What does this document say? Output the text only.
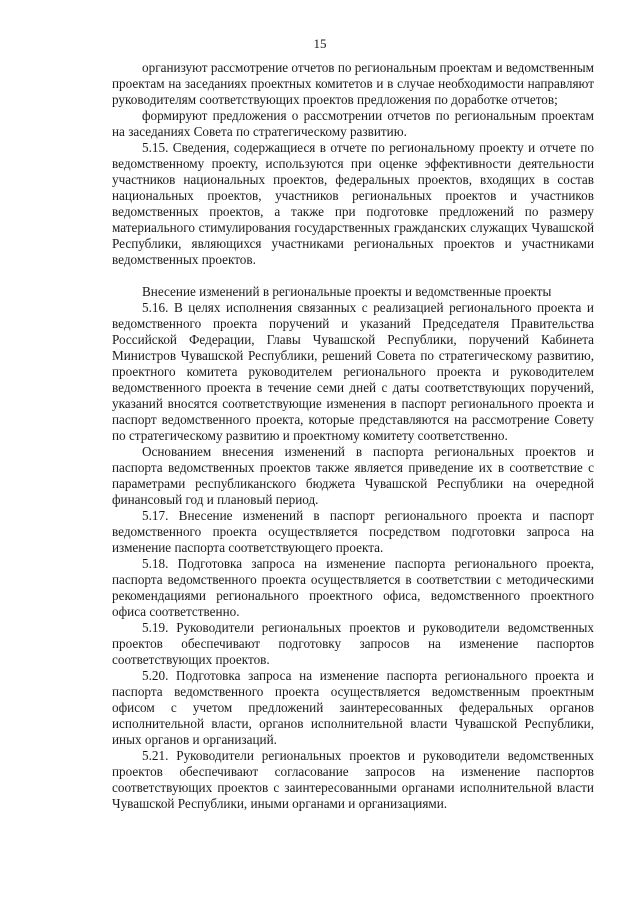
15

организуют рассмотрение отчетов по региональным проектам и ведомственным проектам на заседаниях проектных комитетов и в случае необходимости направляют руководителям соответствующих проектов предложения по доработке отчетов;

формируют предложения о рассмотрении отчетов по региональным проектам на заседаниях Совета по стратегическому развитию.

5.15. Сведения, содержащиеся в отчете по региональному проекту и отчете по ведомственному проекту, используются при оценке эффективности деятельности участников национальных проектов, федеральных проектов, входящих в состав национальных проектов, участников региональных проектов и участников ведомственных проектов, а также при подготовке предложений по размеру материального стимулирования государственных гражданских служащих Чувашской Республики, являющихся участниками региональных проектов и участниками ведомственных проектов.

Внесение изменений в региональные проекты и ведомственные проекты

5.16. В целях исполнения связанных с реализацией регионального проекта и ведомственного проекта поручений и указаний Председателя Правительства Российской Федерации, Главы Чувашской Республики, поручений Кабинета Министров Чувашской Республики, решений Совета по стратегическому развитию, проектного комитета руководителем регионального проекта и руководителем ведомственного проекта в течение семи дней с даты соответствующих поручений, указаний вносятся соответствующие изменения в паспорт регионального проекта и паспорт ведомственного проекта, которые представляются на рассмотрение Совету по стратегическому развитию и проектному комитету соответственно.

Основанием внесения изменений в паспорта региональных проектов и паспорта ведомственных проектов также является приведение их в соответствие с параметрами республиканского бюджета Чувашской Республики на очередной финансовый год и плановый период.

5.17. Внесение изменений в паспорт регионального проекта и паспорт ведомственного проекта осуществляется посредством подготовки запроса на изменение паспорта соответствующего проекта.

5.18. Подготовка запроса на изменение паспорта регионального проекта, паспорта ведомственного проекта осуществляется в соответствии с методическими рекомендациями регионального проектного офиса, ведомственного проектного офиса соответственно.

5.19. Руководители региональных проектов и руководители ведомственных проектов обеспечивают подготовку запросов на изменение паспортов соответствующих проектов.

5.20. Подготовка запроса на изменение паспорта регионального проекта и паспорта ведомственного проекта осуществляется ведомственным проектным офисом с учетом предложений заинтересованных федеральных органов исполнительной власти, органов исполнительной власти Чувашской Республики, иных органов и организаций.

5.21. Руководители региональных проектов и руководители ведомственных проектов обеспечивают согласование запросов на изменение паспортов соответствующих проектов с заинтересованными органами исполнительной власти Чувашской Республики, иными органами и организациями.
